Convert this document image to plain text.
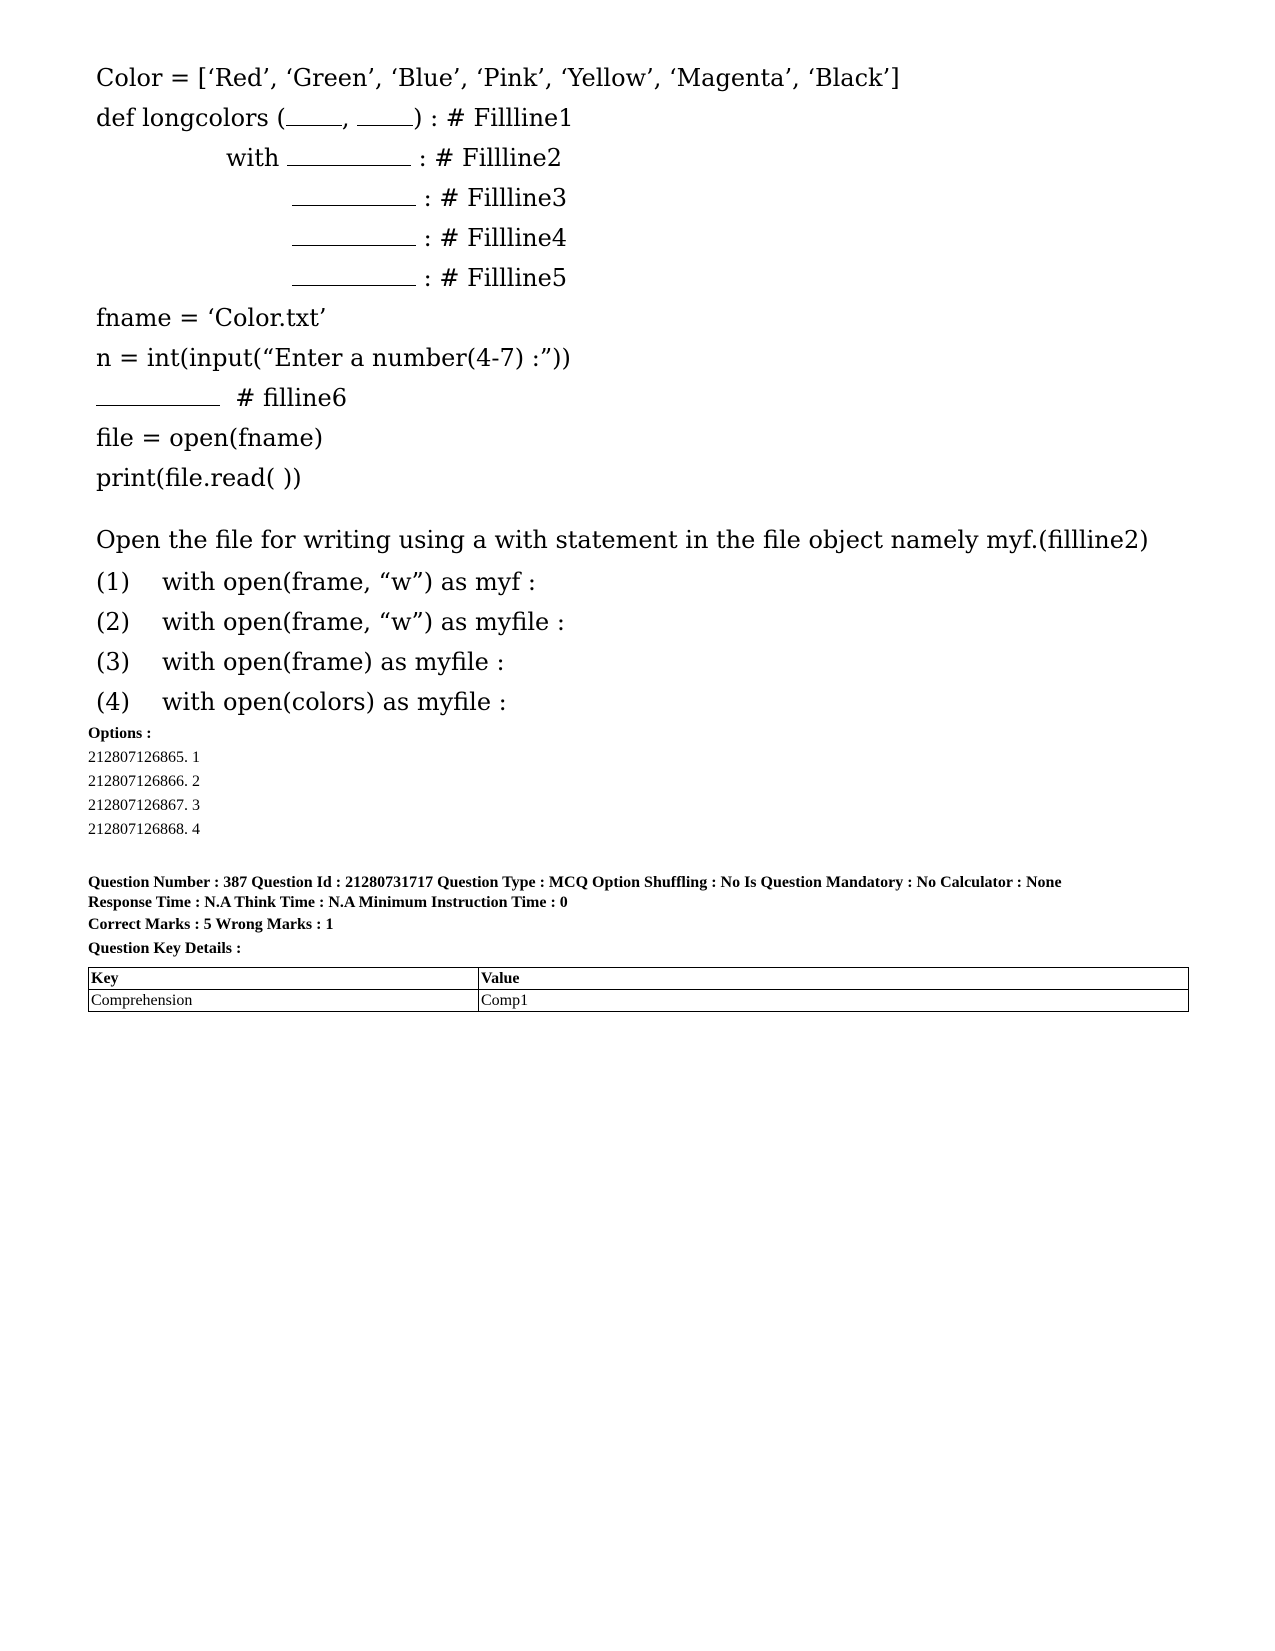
Color = [‘Red’, ‘Green’, ‘Blue’, ‘Pink’, ‘Yellow’, ‘Magenta’, ‘Black’]
def longcolors ( , ) : # Fillline1
with	: # Fillline2
: # Fillline3
: # Fillline4
: # Fillline5
fname = ‘Color.txt’
n = int(input(“Enter a number(4-7) :”))
# filline6
file = open(fname)
print(file.read( ))
Open the file for writing using a with statement in the file object namely myf.(fillline2)
(1) with open(frame, “w”) as myf :
(2) with open(frame, “w”) as myfile :
(3) with open(frame) as myfile :
(4) with open(colors) as myfile :
Options :
212807126865. 1
212807126866. 2
212807126867. 3
212807126868. 4
Question Number : 387 Question Id : 21280731717 Question Type : MCQ Option Shuffling : No Is Question Mandatory : No Calculator : None
Response Time : N.A Think Time : N.A Minimum Instruction Time : 0
Correct Marks : 5 Wrong Marks : 1
Question Key Details :
Key	Value
Comprehension	Comp1
